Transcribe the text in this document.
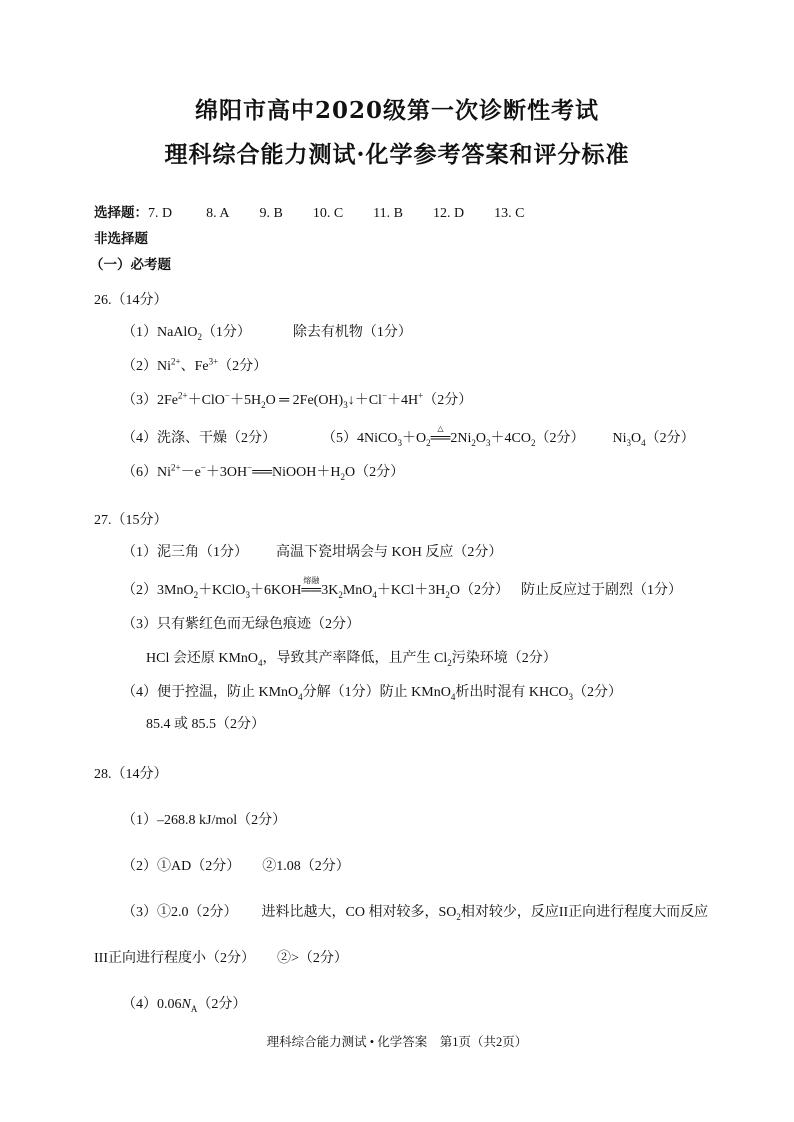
绵阳市高中2020级第一次诊断性考试
理科综合能力测试·化学参考答案和评分标准
选择题：7. D 8. A 9. B 10. C 11. B 12. D 13. C
非选择题
（一）必考题
26.（14分）
（1）NaAlO$_2$（1分）	除去有机物（1分）
$(2)Ni^{2+}$、$Fe^{3+}(2$分）
$(3)2Fe^{2+}+ClO^-+5H_2O$ ═ $2Fe(OH)_3↓+Cl^-+4H^+(2$分）
（4）洗涤、干燥（2分）	$(5)4NiCO_3+O_2$
△
$══2Ni_2O_3+4CO_2(2$分） $Ni_3O_4(2$分）
$(6)Ni^{2+}-e^-+3OH^-══NiOOH+H_2O(2$分）
27.（15分）
（1）泥三角（1分） 高温下瓷坩埚会与 KOH 反应（2分）
（2）3MnO$_2$＋KClO$_3$＋6KOH
熔融
$══3K_2MnO_4+KCl+3H_2O(2$分） 防止反应过于剧烈（1分）
（3）只有紫红色而无绿色痕迹（2分）
HCl 会还原 KMnO$_4$，导致其产率降低，且产生 $Cl_2$污染环境（2分）
（4）便于控温，防止 KMnO$_4$分解（1分）防止 KMnO$_4$析出时混有 $KHCO_3(2$分）
85.4 或 85.5（2分）
28.（14分）
（1）–268.8 kJ/mol（2分）
（2）①AD（2分） ②1.08（2分）
（3）①2.0（2分） 进料比越大，CO 相对较多，$SO_2$相对较少，反应II正向进行程度大而反应
III正向进行程度小（2分） ②>（2分）
$(4)0.06N_A(2$分）
理科综合能力测试 • 化学答案　第1页（共2页）
